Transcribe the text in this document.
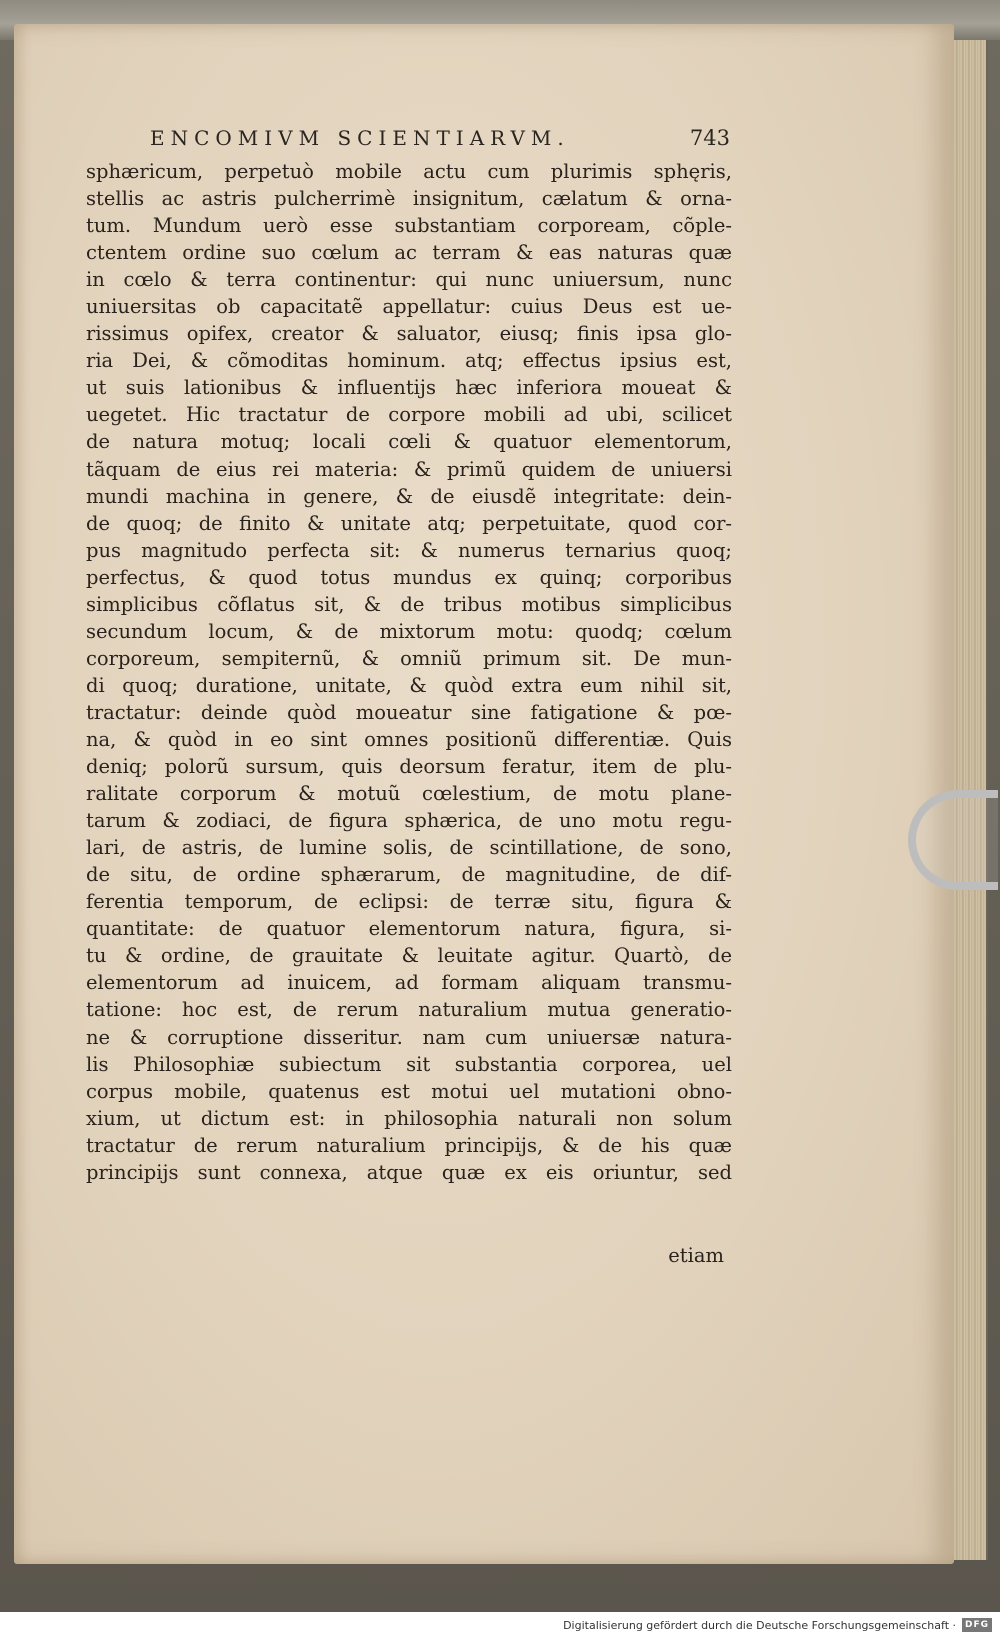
ENCOMIVM SCIENTIARVM.	743
sphæricum, perpetuò mobile actu cum plurimis sphęris,
stellis ac astris pulcherrimè insignitum, cælatum & orna-
tum. Mundum uerò esse substantiam corpoream, cõple-
ctentem ordine suo cœlum ac terram & eas naturas quæ
in cœlo & terra continentur: qui nunc uniuersum, nunc
uniuersitas ob capacitatẽ appellatur: cuius Deus est ue-
rissimus opifex, creator & saluator, eiusq; finis ipsa glo-
ria Dei, & cõmoditas hominum. atq; effectus ipsius est,
ut suis lationibus & influentijs hæc inferiora moueat &
uegetet. Hic tractatur de corpore mobili ad ubi, scilicet
de natura motuq; locali cœli & quatuor elementorum,
tãquam de eius rei materia: & primũ quidem de uniuersi
mundi machina in genere, & de eiusdẽ integritate: dein-
de quoq; de finito & unitate atq; perpetuitate, quod cor-
pus magnitudo perfecta sit: & numerus ternarius quoq;
perfectus, & quod totus mundus ex quinq; corporibus
simplicibus cõflatus sit, & de tribus motibus simplicibus
secundum locum, & de mixtorum motu: quodq; cœlum
corporeum, sempiternũ, & omniũ primum sit. De mun-
di quoq; duratione, unitate, & quòd extra eum nihil sit,
tractatur: deinde quòd moueatur sine fatigatione & pœ-
na, & quòd in eo sint omnes positionũ differentiæ. Quis
deniq; polorũ sursum, quis deorsum feratur, item de plu-
ralitate corporum & motuũ cœlestium, de motu plane-
tarum & zodiaci, de figura sphærica, de uno motu regu-
lari, de astris, de lumine solis, de scintillatione, de sono,
de situ, de ordine sphærarum, de magnitudine, de dif-
ferentia temporum, de eclipsi: de terræ situ, figura &
quantitate: de quatuor elementorum natura, figura, si-
tu & ordine, de grauitate & leuitate agitur. Quartò, de
elementorum ad inuicem, ad formam aliquam transmu-
tatione: hoc est, de rerum naturalium mutua generatio-
ne & corruptione disseritur. nam cum uniuersæ natura-
lis Philosophiæ subiectum sit substantia corporea, uel
corpus mobile, quatenus est motui uel mutationi obno-
xium, ut dictum est: in philosophia naturali non solum
tractatur de rerum naturalium principijs, & de his quæ
principijs sunt connexa, atque quæ ex eis oriuntur, sed
etiam
Digitalisierung gefördert durch die Deutsche Forschungsgemeinschaft · DFG
